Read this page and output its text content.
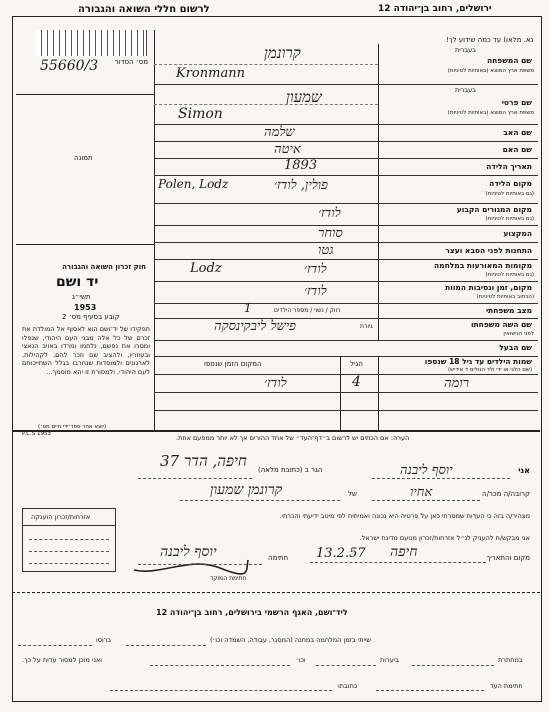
ירושלים, רחוב בן־יהודה 12
לרשום חללי השואה והגבורה
נא. מלאו) עד כמה שידוע לך!
מס׳ הסדור
55660/3
תמונה
חוק זכרון השואה והגבורה
יד ושם
תשי״ג
1953
קובע בסעיף מס׳ 2
תפקידו של יד־ושם הוא לאסוף אל המולדת את זכרם של כל אלה מבני העם היהודי, שנפלו ומסרו את נפשם, נלחמו ומרדו באויב הנאצי ובעוזריו, ולהציב שם וזכר להם, לקהילות, לארגונים ולמוסדות שנחרבו בגלל השתייכותם לעם היהודי, ולמסורת זו יהא מוסמך...
(יוצא אחר ספר־ידי חיים מס׳)
P.C.S 1953
בעברית
שם המשפחה
משפת ארץ המוצא (באותיות לטיניות)
קרונמן
Kronmann
בעברית
שם פרטי
משפת ארץ המוצא (באותיות לטיניות)
שמעון
Simon
שם האב
שלמה
שם האם
איטה
תאריך הלידה
1893
מקום הלידה
(גם באותיות לטיניות)
פולין, לודז׳
Polen, Lodz
מקום המגורים הקבוע
(גם באותיות לטיניות)
לודז׳
המקצוע
סוחר
התחנות לפני הסבא ועצר
גטו
מקומות המאורעות במלחמה
(גם באותיות לטיניות)
לודז׳
Lodz
מקום, זמן ונסיבות המוות
(הכתוב באותיות לטיניות)
לודז׳
מצב משפחתי
רווק / נשוי / מספר הילדים
1
שם השה משפחתו
לפני הנישואין
גיורת
פישל ליבקינסקה
שם הבעל
שמות הילדים עד גיל 18 שנספו
(שם הלגי או ידי ולד הגולים ד אידיש)
הגיל
המקום הזמן שנספו
רומה
4
לודז׳
הערה: אם הכתים יש לרשום ב״דף־העד״ של אחד ההורים אך לא יותר ממפעם אחת.
אני
יוסף ליבנה
הגר ב (כתובת מלאה)
חיפה, הדר 37
קרובה/ה מכר/ה
אחיו
של
קרונמן שמעון
מצהיר/ה בזה כי העדות שמסרתי כאן על פרטיה היא נכונה ואמיתית לפי מיטב ידיעתי והכרתי.
אני מבקש/ת להעניק לנ״ל אזרחות/זכרון מטעם מדינת ישראל.
מקום והתאריך
חיפה
13.2.57
חתימה
יוסף ליבנה
חתימת המוקד
אזרחות/זכרון הוענקה
ליד־ושם, האגף הרשמי בירושלים, רחוב בן־יהודה 12
שייתי בזמן המלחמה במחנה (המסגר, עבודה, השמדה וכו׳)
ברוסו
במחתרת
ביערות
וכו׳
ואני מוכן למסור עדות על כך.
חתימת העד
כתובתו
